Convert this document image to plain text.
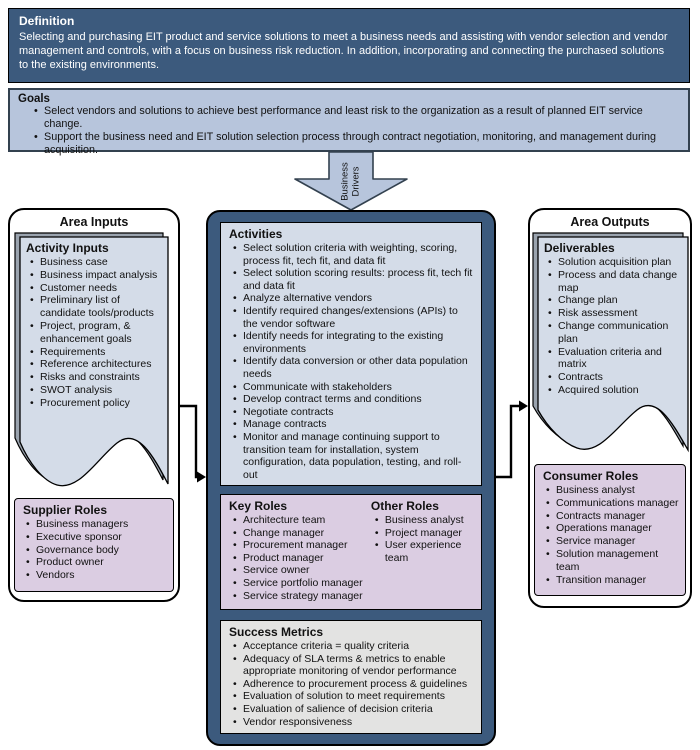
Definition
Selecting and purchasing EIT product and service solutions to meet a business needs and assisting with vendor selection and vendor management and controls, with a focus on business risk reduction. In addition, incorporating and connecting the purchased solutions to the existing environments.
Goals
• Select vendors and solutions to achieve best performance and least risk to the organization as a result of planned EIT service change.
• Support the business need and EIT solution selection process through contract negotiation, monitoring, and management during acquisition.
Business Drivers
Area Inputs
Activity Inputs
• Business case
• Business impact analysis
• Customer needs
• Preliminary list of candidate tools/products
• Project, program, & enhancement goals
• Requirements
• Reference architectures
• Risks and constraints
• SWOT analysis
• Procurement policy
Supplier Roles
• Business managers
• Executive sponsor
• Governance body
• Product owner
• Vendors
Activities
• Select solution criteria with weighting, scoring, process fit, tech fit, and data fit
• Select solution scoring results: process fit, tech fit and data fit
• Analyze alternative vendors
• Identify required changes/extensions (APIs) to the vendor software
• Identify needs for integrating to the existing environments
• Identify data conversion or other data population needs
• Communicate with stakeholders
• Develop contract terms and conditions
• Negotiate contracts
• Manage contracts
• Monitor and manage continuing support to transition team for installation, system configuration, data population, testing, and roll-out
Key Roles
• Architecture team
• Change manager
• Procurement manager
• Product manager
• Service owner
• Service portfolio manager
• Service strategy manager
Other Roles
• Business analyst
• Project manager
• User experience team
Success Metrics
• Acceptance criteria = quality criteria
• Adequacy of SLA terms & metrics to enable appropriate monitoring of vendor performance
• Adherence to procurement process & guidelines
• Evaluation of solution to meet requirements
• Evaluation of salience of decision criteria
• Vendor responsiveness
Area Outputs
Deliverables
• Solution acquisition plan
• Process and data change map
• Change plan
• Risk assessment
• Change communication plan
• Evaluation criteria and matrix
• Contracts
• Acquired solution
Consumer Roles
• Business analyst
• Communications manager
• Contracts manager
• Operations manager
• Service manager
• Solution management team
• Transition manager
